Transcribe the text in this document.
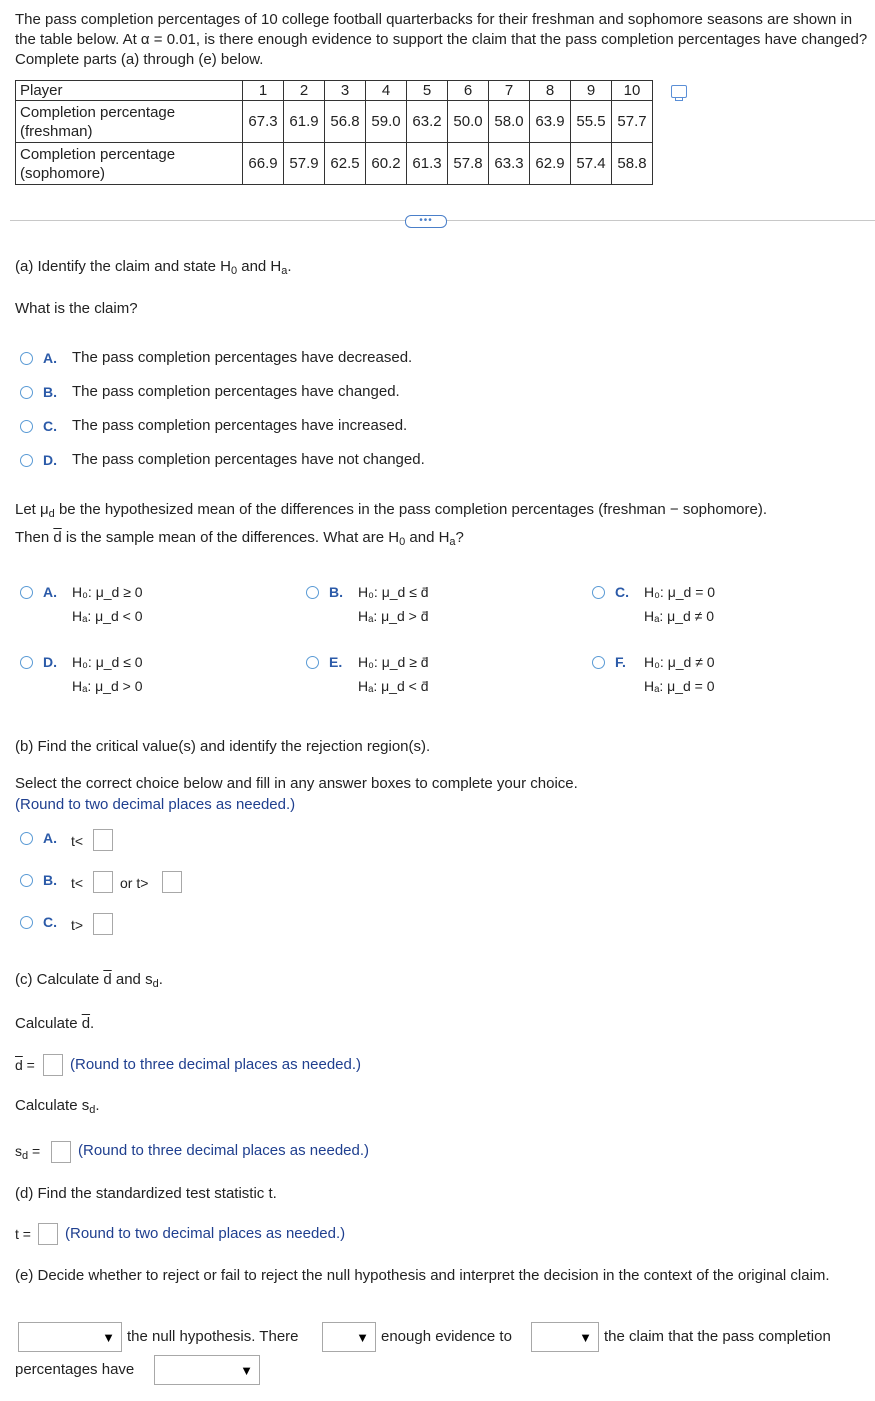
The pass completion percentages of 10 college football quarterbacks for their freshman and sophomore seasons are shown in the table below. At α = 0.01, is there enough evidence to support the claim that the pass completion percentages have changed? Complete parts (a) through (e) below.
Player	1	2	3	4	5	6	7	8	9	10
Completion percentage
(freshman)	67.3	61.9	56.8	59.0	63.2	50.0	58.0	63.9	55.5	57.7
Completion percentage
(sophomore)	66.9	57.9	62.5	60.2	61.3	57.8	63.3	62.9	57.4	58.8
•••
(a) Identify the claim and state $H_0$ and $H_a$.
What is the claim?
A. The pass completion percentages have decreased.
B. The pass completion percentages have changed.
C. The pass completion percentages have increased.
D. The pass completion percentages have not changed.
Let $\mu_d$ be the hypothesized mean of the differences in the pass completion percentages (freshman − sophomore).
Then $\overline{d}$ is the sample mean of the differences. What are $H_0$ and $H_a$?
A. H₀: μ_d ≥ 0
Hₐ: μ_d < 0
B. H₀: μ_d ≤ d̄
Hₐ: μ_d > d̄
C. H₀: μ_d = 0
Hₐ: μ_d ≠ 0
D. H₀: μ_d ≤ 0
Hₐ: μ_d > 0
E. H₀: μ_d ≥ d̄
Hₐ: μ_d < d̄
F. H₀: μ_d ≠ 0
Hₐ: μ_d = 0
(b) Find the critical value(s) and identify the rejection region(s).
Select the correct choice below and fill in any answer boxes to complete your choice.
(Round to two decimal places as needed.)
A. t<
B. t<	or t>
C. t>
(c) Calculate $\overline{d}$ and $s_d$.
Calculate $\overline{d}$.
$\overline{d}$ = (Round to three decimal places as needed.)
Calculate $s_d$.
$s_d$ =	(Round to three decimal places as needed.)
(d) Find the standardized test statistic t.
t = (Round to two decimal places as needed.)
(e) Decide whether to reject or fail to reject the null hypothesis and interpret the decision in the context of the original claim.
▼ the null hypothesis. There	▼ enough evidence to	▼ the claim that the pass completion
percentages have	▼
